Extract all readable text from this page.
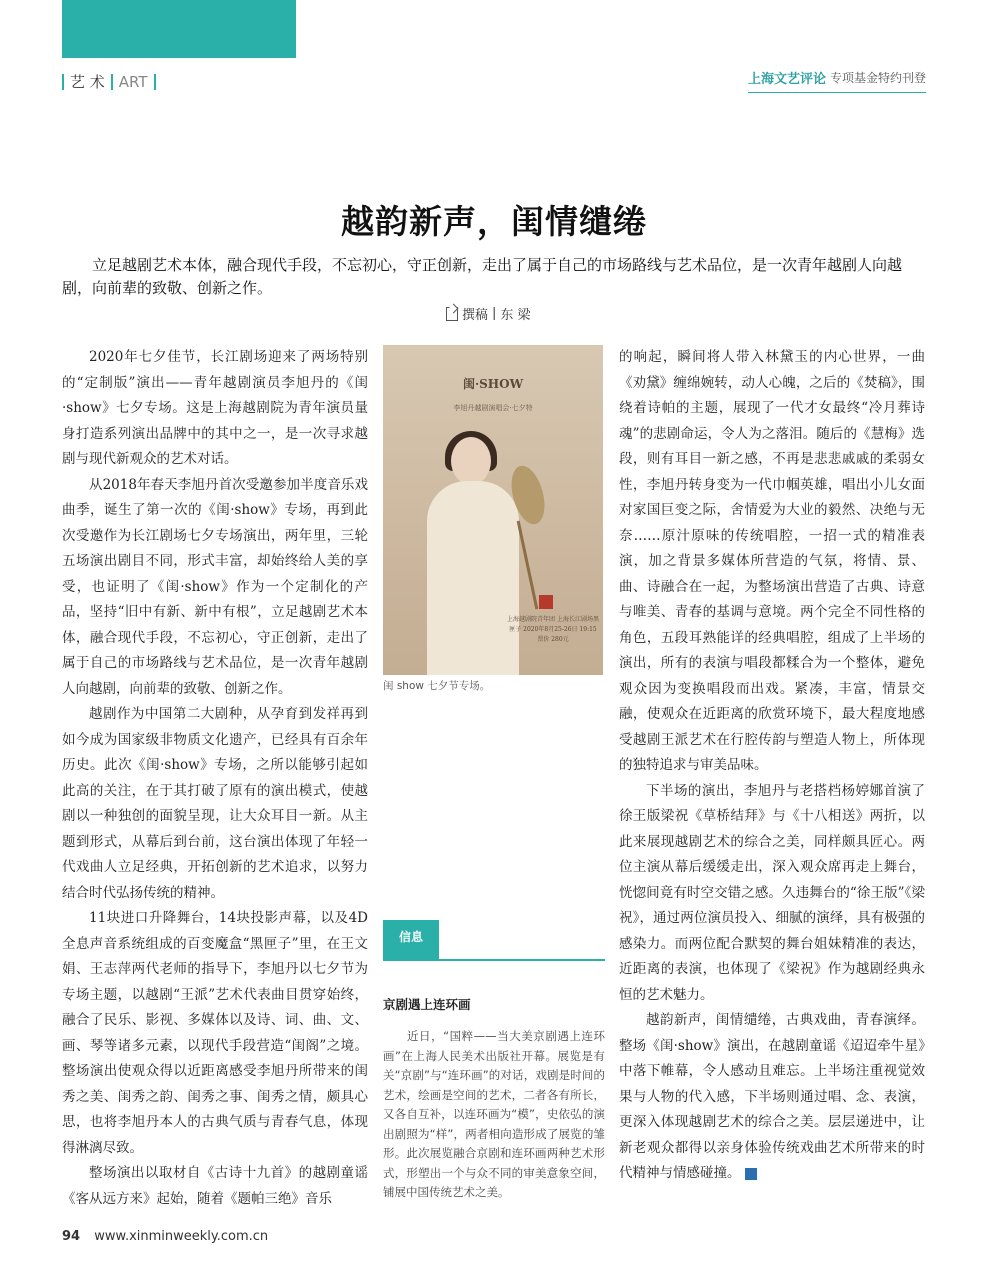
艺 术 ART	上海文艺评论 专项基金特约刊登
越韵新声，闺情缱绻

立足越剧艺术本体，融合现代手段，不忘初心，守正创新，走出了属于自己的市场路线与艺术品位，是一次青年越剧人向越剧，向前辈的致敬、创新之作。

撰稿 | 东 梁

2020年七夕佳节，长江剧场迎来了两场特别的“定制版”演出——青年越剧演员李旭丹的《闺·show》七夕专场。这是上海越剧院为青年演员量身打造系列演出品牌中的其中之一，是一次寻求越剧与现代新观众的艺术对话。

从2018年春天李旭丹首次受邀参加半度音乐戏曲季，诞生了第一次的《闺·show》专场，再到此次受邀作为长江剧场七夕专场演出，两年里，三轮五场演出剧目不同，形式丰富，却始终给人美的享受，也证明了《闺·show》作为一个定制化的产品，坚持“旧中有新、新中有根”，立足越剧艺术本体，融合现代手段，不忘初心，守正创新，走出了属于自己的市场路线与艺术品位，是一次青年越剧人向越剧，向前辈的致敬、创新之作。

越剧作为中国第二大剧种，从孕育到发祥再到如今成为国家级非物质文化遗产，已经具有百余年历史。此次《闺·show》专场，之所以能够引起如此高的关注，在于其打破了原有的演出模式，使越剧以一种独创的面貌呈现，让大众耳目一新。从主题到形式，从幕后到台前，这台演出体现了年轻一代戏曲人立足经典，开拓创新的艺术追求，以努力结合时代弘扬传统的精神。

11块进口升降舞台，14块投影声幕，以及4D全息声音系统组成的百变魔盒“黑匣子”里，在王文娟、王志萍两代老师的指导下，李旭丹以七夕节为专场主题，以越剧“王派”艺术代表曲目贯穿始终，融合了民乐、影视、多媒体以及诗、词、曲、文、画、琴等诸多元素，以现代手段营造“闺阁”之境。整场演出使观众得以近距离感受李旭丹所带来的闺秀之美、闺秀之韵、闺秀之事、闺秀之情，颇具心思，也将李旭丹本人的古典气质与青春气息，体现得淋漓尽致。

整场演出以取材自《古诗十九首》的越剧童谣《客从远方来》起始，随着《题帕三绝》音乐

闺·SHOW
李旭丹越剧演唱会·七夕特
上海越剧院青年团 上海长江剧场黑匣子 2020年8月25-26日 19:15 票价 280元
闺 show 七夕节专场。
信息
京剧遇上连环画

近日，“国粹——当大美京剧遇上连环画”在上海人民美术出版社开幕。展览是有关“京剧”与“连环画”的对话，戏剧是时间的艺术，绘画是空间的艺术，二者各有所长，又各自互补，以连环画为“模”，史依弘的演出剧照为“样”，两者相向造形成了展览的雏形。此次展览融合京剧和连环画两种艺术形式，形塑出一个与众不同的审美意象空间，铺展中国传统艺术之美。

的响起，瞬间将人带入林黛玉的内心世界，一曲《劝黛》缠绵婉转，动人心魄，之后的《焚稿》，围绕着诗帕的主题，展现了一代才女最终“冷月葬诗魂”的悲剧命运，令人为之落泪。随后的《慧梅》选段，则有耳目一新之感，不再是悲悲戚戚的柔弱女性，李旭丹转身变为一代巾帼英雄，唱出小儿女面对家国巨变之际，舍情爱为大业的毅然、决绝与无奈……原汁原味的传统唱腔，一招一式的精准表演，加之背景多媒体所营造的气氛，将情、景、曲、诗融合在一起，为整场演出营造了古典、诗意与唯美、青春的基调与意境。两个完全不同性格的角色，五段耳熟能详的经典唱腔，组成了上半场的演出，所有的表演与唱段都糅合为一个整体，避免观众因为变换唱段而出戏。紧凑，丰富，情景交融，使观众在近距离的欣赏环境下，最大程度地感受越剧王派艺术在行腔传韵与塑造人物上，所体现的独特追求与审美品味。

下半场的演出，李旭丹与老搭档杨婷娜首演了徐王版梁祝《草桥结拜》与《十八相送》两折，以此来展现越剧艺术的综合之美，同样颇具匠心。两位主演从幕后缓缓走出，深入观众席再走上舞台，恍惚间竟有时空交错之感。久违舞台的“徐王版”《梁祝》，通过两位演员投入、细腻的演绎，具有极强的感染力。而两位配合默契的舞台姐妹精准的表达，近距离的表演，也体现了《梁祝》作为越剧经典永恒的艺术魅力。

越韵新声，闺情缱绻，古典戏曲，青春演绎。整场《闺·show》演出，在越剧童谣《迢迢牵牛星》中落下帷幕，令人感动且难忘。上半场注重视觉效果与人物的代入感，下半场则通过唱、念、表演，更深入体现越剧艺术的综合之美。层层递进中，让新老观众都得以亲身体验传统戏曲艺术所带来的时代精神与情感碰撞。	民

94 www.xinminweekly.com.cn
